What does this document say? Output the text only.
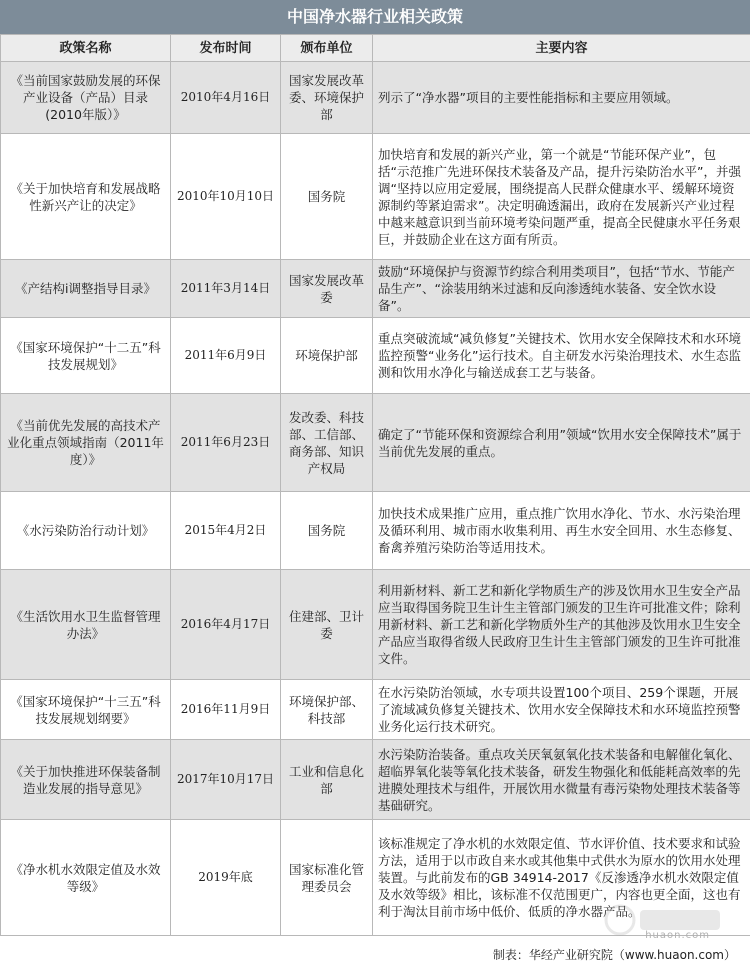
中国净水器行业相关政策
政策名称	发布时间	颁布单位	主要内容
《当前国家鼓励发展的环保产业设备（产品）目录(2010年版）》	2010年4月16日	国家发展改革委、环境保护部	列示了“净水器”项目的主要性能指标和主要应用领域。
《关于加快培育和发展战略性新兴产让的决定》	2010年10月10日	国务院	加快培育和发展的新兴产业，第一个就是“节能环保产业”，包括“示范推广先进环保技术装备及产品，提升污染防治水平”，并强调“坚持以应用定爱展，围绕提高人民群众健康水平、缓解环境资源制约等紧迫需求”。决定明确透漏出，政府在发展新兴产业过程中越来越意识到当前环境考染问题严重，提高全民健康水平任务艰巨，并鼓励企业在这方面有所贡。
《产结构i调整指导目录》	2011年3月14日	国家发展改革委	鼓励“环境保护与资源节约综合利用类项目”，包括“节水、节能产品生产”、“涂装用纳米过滤和反向渗透纯水装备、安全饮水设备”。
《国家环境保护“十二五”科技发展规划》	2011年6月9日	环境保护部	重点突破流域“减负修复”关键技术、饮用水安全保障技术和水环境监控预警“业务化”运行技术。自主研发水污染治理技术、水生态监测和饮用水净化与输送成套工艺与装备。
《当前优先发展的高技术产业化重点领域指南（2011年度）》	2011年6月23日	发改委、科技部、工信部、商务部、知识产权局	确定了“节能环保和资源综合利用”领域“饮用水安全保障技术”属于当前优先发展的重点。
《水污染防治行动计划》	2015年4月2日	国务院	加快技术成果推广应用，重点推广饮用水净化、节水、水污染治理及循环利用、城市雨水收集利用、再生水安全回用、水生态修复、畜禽养殖污染防治等适用技术。
《生活饮用水卫生监督管理办法》	2016年4月17日	住建部、卫计委	利用新材料、新工艺和新化学物质生产的涉及饮用水卫生安全产品应当取得国务院卫生计生主管部门颁发的卫生许可批准文件；除利用新材料、新工艺和新化学物质外生产的其他涉及饮用水卫生安全产品应当取得省级人民政府卫生计生主管部门颁发的卫生许可批准文件。
《国家环境保护“十三五”科技发展规划纲要》	2016年11月9日	环境保护部、科技部	在水污染防治领域，水专项共设置100个项目、259个课题，开展了流域减负修复关键技术、饮用水安全保障技术和水环境监控预警业务化运行技术研究。
《关于加快推进环保装备制造业发展的指导意见》	2017年10月17日	工业和信息化部	水污染防治装备。重点攻关厌氧氨氧化技术装备和电解催化氧化、超临界氧化装等氧化技术装备，研发生物强化和低能耗高效率的先进膜处理技术与组件，开展饮用水微量有毒污染物处理技术装备等基础研究。
《净水机水效限定值及水效等级》	2019年底	国家标准化管理委员会	该标准规定了净水机的水效限定值、节水评价值、技术要求和试验方法，适用于以市政自来水或其他集中式供水为原水的饮用水处理装置。与此前发布的GB 34914-2017《反渗透净水机水效限定值及水效等级》相比，该标准不仅范围更广，内容也更全面，这也有利于淘汰目前市场中低价、低质的净水器产品。
huaon.com
制表：华经产业研究院（www.huaon.com）
